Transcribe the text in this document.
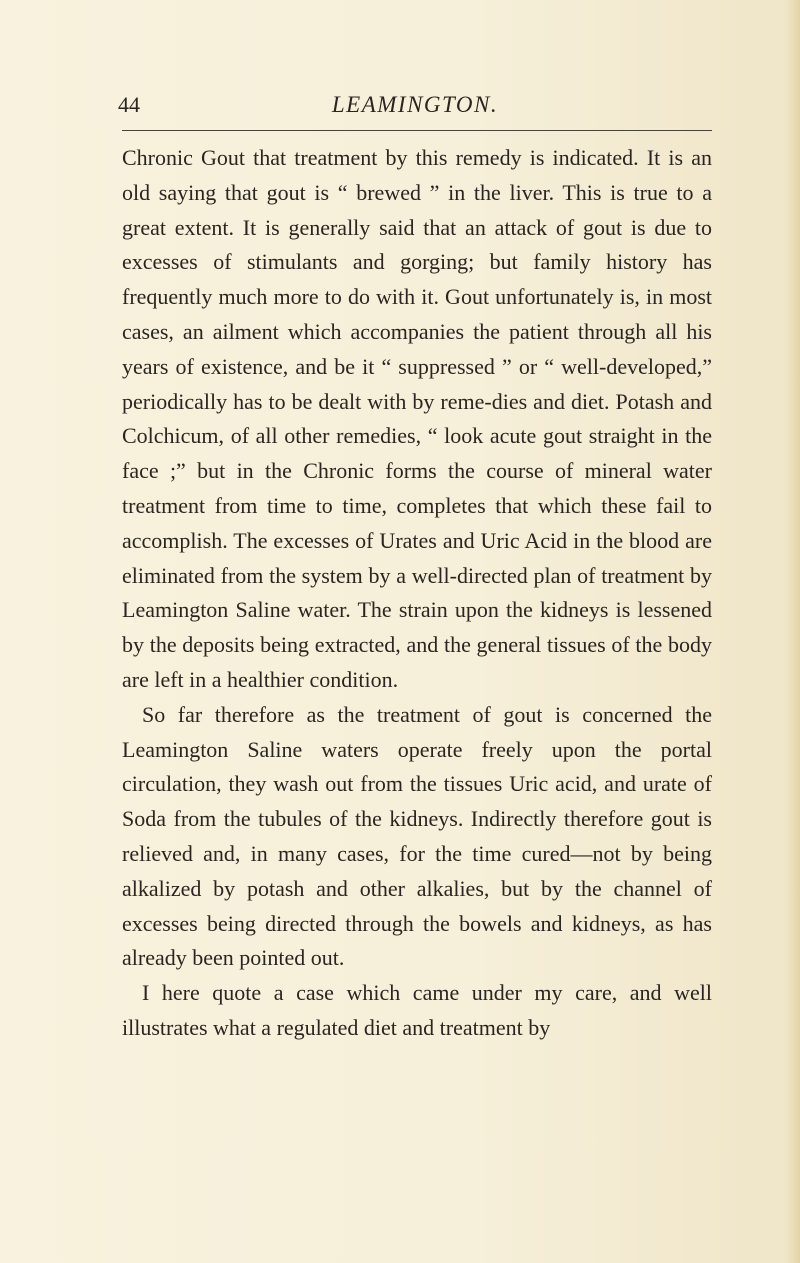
44	LEAMINGTON.

Chronic Gout that treatment by this remedy is indicated. It is an old saying that gout is “ brewed ” in the liver. This is true to a great extent. It is generally said that an attack of gout is due to excesses of stimulants and gorging; but family history has frequently much more to do with it. Gout unfortunately is, in most cases, an ailment which accompanies the patient through all his years of existence, and be it “ suppressed ” or “ well-developed,” periodically has to be dealt with by reme-dies and diet. Potash and Colchicum, of all other remedies, “ look acute gout straight in the face ;” but in the Chronic forms the course of mineral water treatment from time to time, completes that which these fail to accomplish. The excesses of Urates and Uric Acid in the blood are eliminated from the system by a well-directed plan of treatment by Leamington Saline water. The strain upon the kidneys is lessened by the deposits being extracted, and the general tissues of the body are left in a healthier condition.

So far therefore as the treatment of gout is concerned the Leamington Saline waters operate freely upon the portal circulation, they wash out from the tissues Uric acid, and urate of Soda from the tubules of the kidneys. Indirectly therefore gout is relieved and, in many cases, for the time cured—not by being alkalized by potash and other alkalies, but by the channel of excesses being directed through the bowels and kidneys, as has already been pointed out.

I here quote a case which came under my care, and well illustrates what a regulated diet and treatment by
